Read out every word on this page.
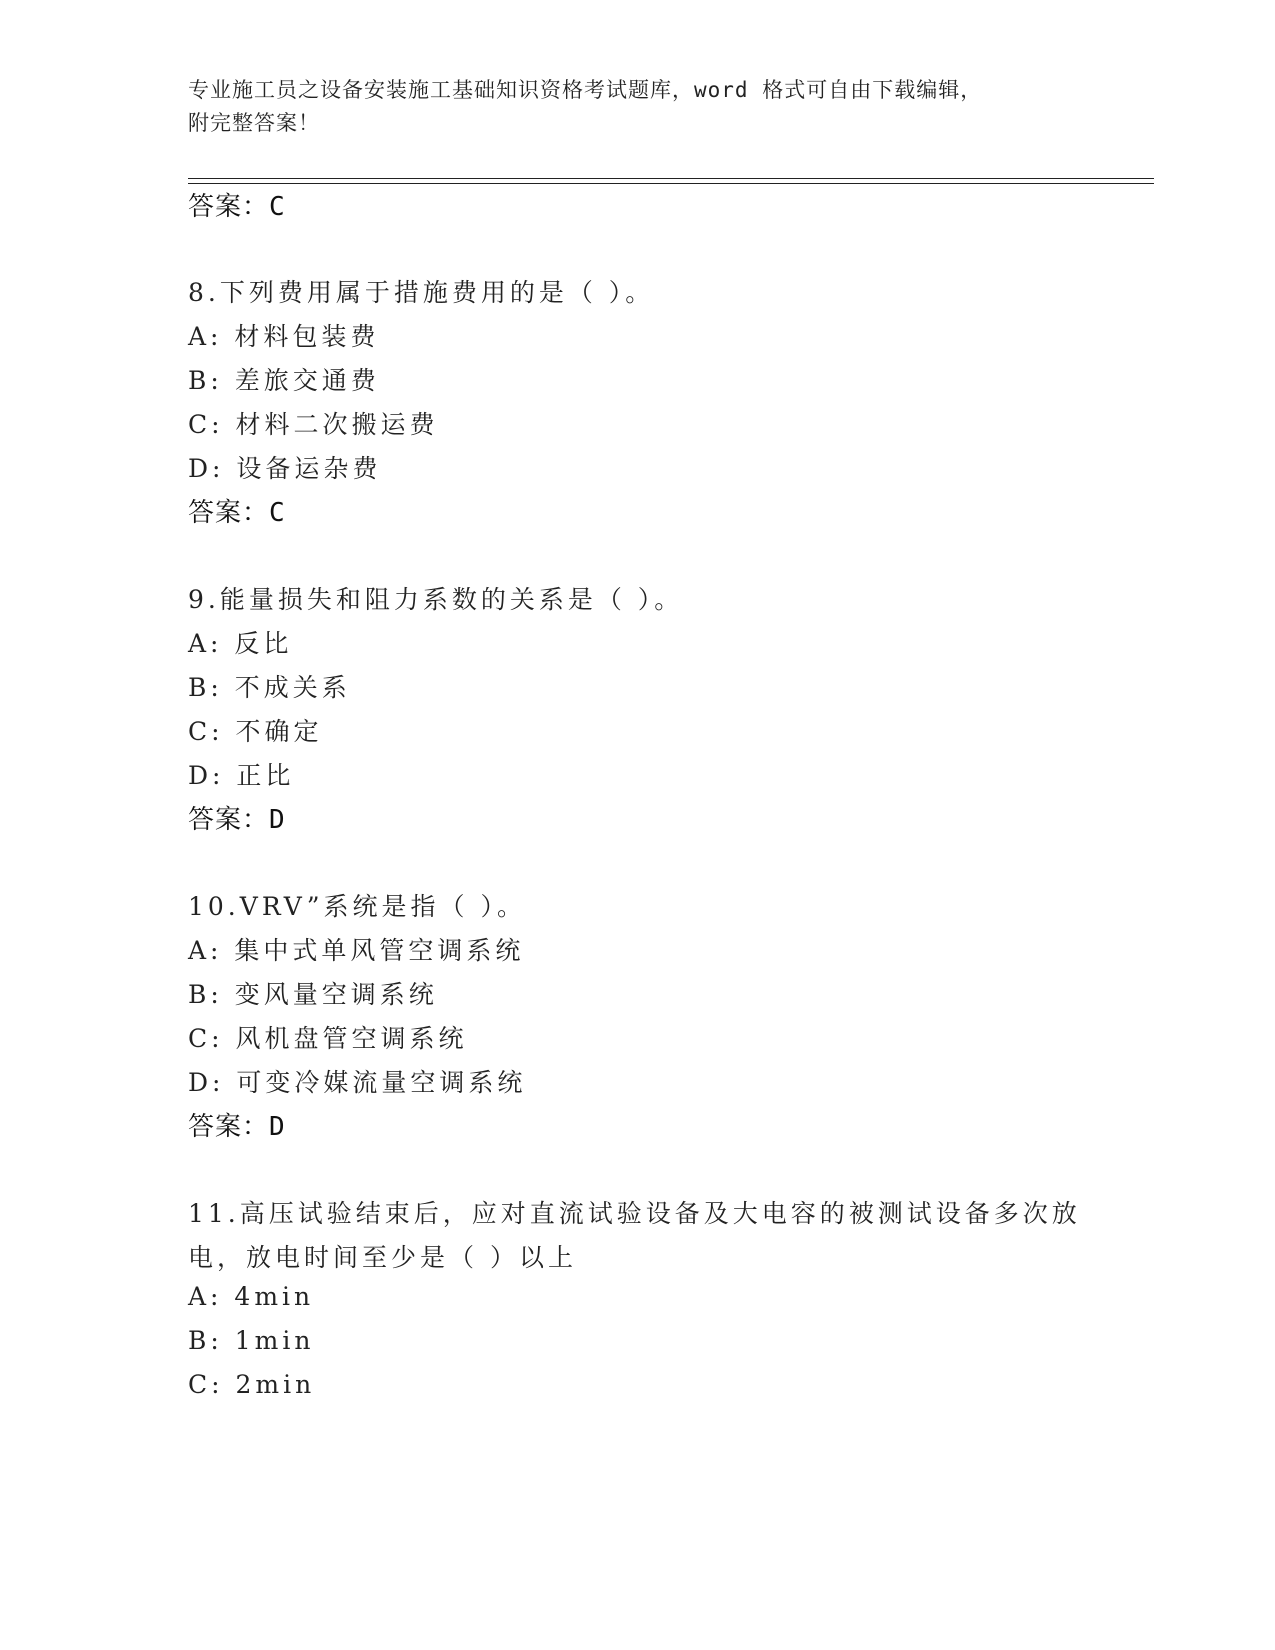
专业施工员之设备安装施工基础知识资格考试题库，word 格式可自由下载编辑，
附完整答案！
答案：C
8.下列费用属于措施费用的是（ ）。
A: 材料包装费
B: 差旅交通费
C: 材料二次搬运费
D: 设备运杂费
答案：C
9.能量损失和阻力系数的关系是（ ）。
A: 反比
B: 不成关系
C: 不确定
D: 正比
答案：D
10.VRV”系统是指（ ）。
A: 集中式单风管空调系统
B: 变风量空调系统
C: 风机盘管空调系统
D: 可变冷媒流量空调系统
答案：D
11.高压试验结束后，应对直流试验设备及大电容的被测试设备多次放
电，放电时间至少是（ ）以上
A: 4min
B: 1min
C: 2min
